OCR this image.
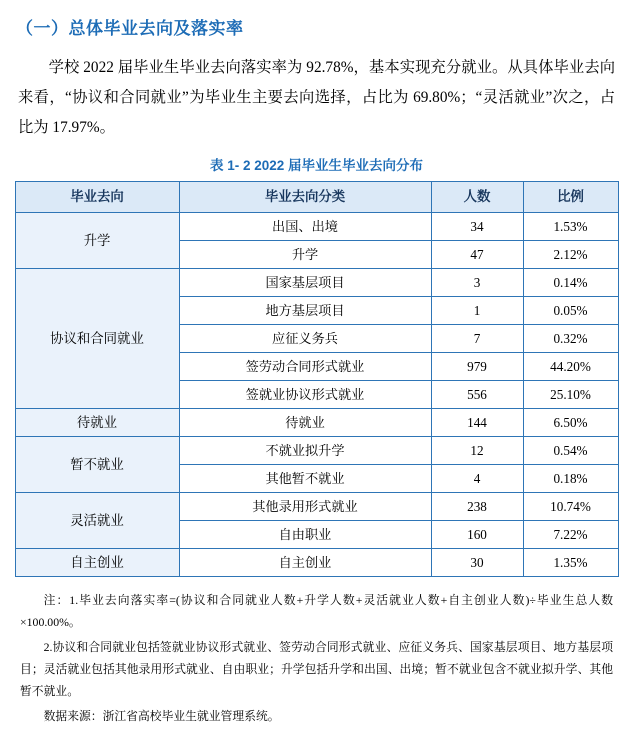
（一）总体毕业去向及落实率
学校 2022 届毕业生毕业去向落实率为 92.78%，基本实现充分就业。从具体毕业去向来看，“协议和合同就业”为毕业生主要去向选择，占比为 69.80%；“灵活就业”次之，占比为 17.97%。
表 1- 2 2022 届毕业生毕业去向分布
毕业去向	毕业去向分类	人数	比例
升学	出国、出境	34	1.53%
	升学	47	2.12%
协议和合同就业	国家基层项目	3	0.14%
	地方基层项目	1	0.05%
	应征义务兵	7	0.32%
	签劳动合同形式就业	979	44.20%
	签就业协议形式就业	556	25.10%
待就业	待就业	144	6.50%
暂不就业	不就业拟升学	12	0.54%
	其他暂不就业	4	0.18%
灵活就业	其他录用形式就业	238	10.74%
	自由职业	160	7.22%
自主创业	自主创业	30	1.35%

注：1.毕业去向落实率=(协议和合同就业人数+升学人数+灵活就业人数+自主创业人数)÷毕业生总人数×100.00%。

2.协议和合同就业包括签就业协议形式就业、签劳动合同形式就业、应征义务兵、国家基层项目、地方基层项目；灵活就业包括其他录用形式就业、自由职业；升学包括升学和出国、出境；暂不就业包含不就业拟升学、其他暂不就业。

数据来源：浙江省高校毕业生就业管理系统。
